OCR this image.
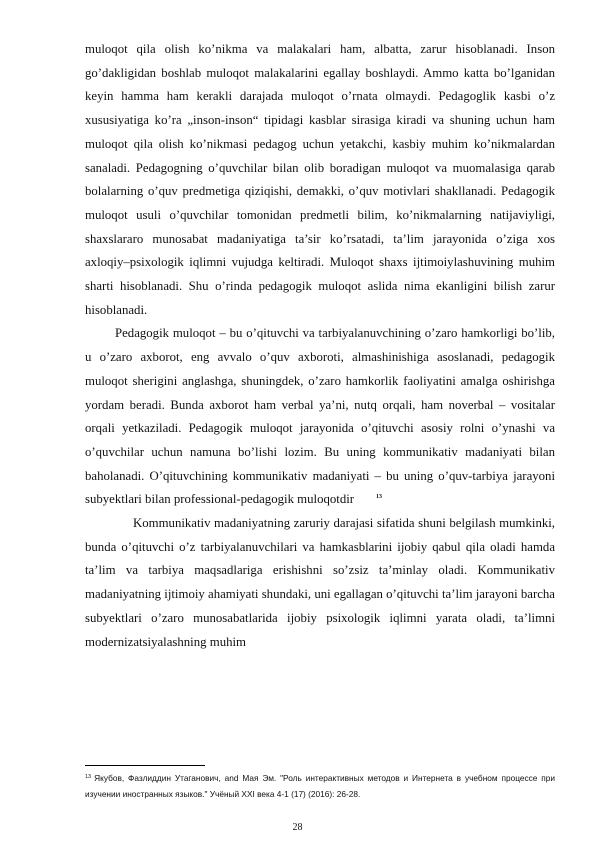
muloqot qila olish ko’nikma va malakalari ham, albatta, zarur hisoblanadi. Inson go’dakligidan boshlab muloqot malakalarini egallay boshlaydi. Ammo katta bo’lganidan keyin hamma ham kerakli darajada muloqot o’rnata olmaydi. Pedagoglik kasbi o’z xususiyatiga ko’ra „inson-inson“ tipidagi kasblar sirasiga kiradi va shuning uchun ham muloqot qila olish ko’nikmasi pedagog uchun yetakchi, kasbiy muhim ko’nikmalardan sanaladi. Pedagogning o’quvchilar bilan olib boradigan muloqot va muomalasiga qarab bolalarning o’quv predmetiga qiziqishi, demakki, o’quv motivlari shakllanadi. Pedagogik muloqot usuli o’quvchilar tomonidan predmetli bilim, ko’nikmalarning natijaviyligi, shaxslararo munosabat madaniyatiga ta’sir ko’rsatadi, ta’lim jarayonida o’ziga xos axloqiy–psixologik iqlimni vujudga keltiradi. Muloqot shaxs ijtimoiylashuvining muhim sharti hisoblanadi. Shu o’rinda pedagogik muloqot aslida nima ekanligini bilish zarur hisoblanadi.

Pedagogik muloqot – bu o’qituvchi va tarbiyalanuvchining o’zaro hamkorligi bo’lib, u o’zaro axborot, eng avvalo o’quv axboroti, almashinishiga asoslanadi, pedagogik muloqot sherigini anglashga, shuningdek, o’zaro hamkorlik faoliyatini amalga oshirishga yordam beradi. Bunda axborot ham verbal ya’ni, nutq orqali, ham noverbal – vositalar orqali yetkaziladi. Pedagogik muloqot jarayonida o’qituvchi asosiy rolni o’ynashi va o’quvchilar uchun namuna bo’lishi lozim. Bu uning kommunikativ madaniyati bilan baholanadi. O’qituvchining kommunikativ madaniyati – bu uning o’quv-tarbiya jarayoni subyektlari bilan professional-pedagogik muloqotdir	$^{13}$

Kommunikativ madaniyatning zaruriy darajasi sifatida shuni belgilash mumkinki, bunda o’qituvchi o’z tarbiyalanuvchilari va hamkasblarini ijobiy qabul qila oladi hamda ta’lim va tarbiya maqsadlariga erishishni so’zsiz ta’minlay oladi. Kommunikativ madaniyatning ijtimoiy ahamiyati shundaki, uni egallagan o’qituvchi ta’lim jarayoni barcha subyektlari o’zaro munosabatlarida ijobiy psixologik iqlimni yarata oladi, ta’limni modernizatsiyalashning muhim

$^{13}$ Якубов, Фазлиддин Утаганович, and Мая Эм. "Роль интерактивных методов и Интернета в учебном процессе при изучении иностранных языков." Учёный XXI века 4-1 (17) (2016): 26-28.
28
